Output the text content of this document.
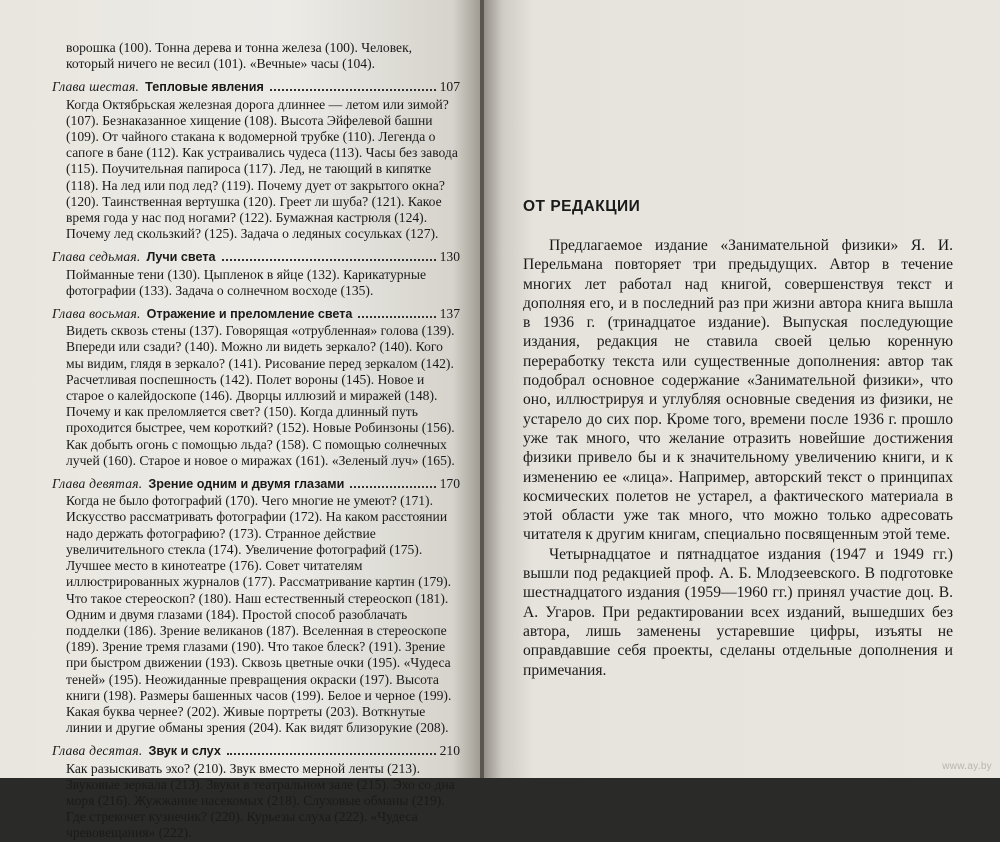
ворошка (100). Тонна дерева и тонна железа (100). Человек, который ничего не весил (101). «Вечные» часы (104).

Глава шестая. Тепловые явления	107

Когда Октябрьская железная дорога длиннее — летом или зимой? (107). Безнаказанное хищение (108). Высота Эйфелевой башни (109). От чайного стакана к водомерной трубке (110). Легенда о сапоге в бане (112). Как устраивались чудеса (113). Часы без завода (115). Поучительная папироса (117). Лед, не тающий в кипятке (118). На лед или под лед? (119). Почему дует от закрытого окна? (120). Таинственная вертушка (120). Греет ли шуба? (121). Какое время года у нас под ногами? (122). Бумажная кастрюля (124). Почему лед скользкий? (125). Задача о ледяных сосульках (127).

Глава седьмая. Лучи света	130

Пойманные тени (130). Цыпленок в яйце (132). Карикатурные фотографии (133). Задача о солнечном восходе (135).

Глава восьмая. Отражение и преломление света	137

Видеть сквозь стены (137). Говорящая «отрубленная» голова (139). Впереди или сзади? (140). Можно ли видеть зеркало? (140). Кого мы видим, глядя в зеркало? (141). Рисование перед зеркалом (142). Расчетливая поспешность (142). Полет вороны (145). Новое и старое о калейдоскопе (146). Дворцы иллюзий и миражей (148). Почему и как преломляется свет? (150). Когда длинный путь проходится быстрее, чем короткий? (152). Новые Робинзоны (156). Как добыть огонь с помощью льда? (158). С помощью солнечных лучей (160). Старое и новое о миражах (161). «Зеленый луч» (165).

Глава девятая. Зрение одним и двумя глазами	170

Когда не было фотографий (170). Чего многие не умеют? (171). Искусство рассматривать фотографии (172). На каком расстоянии надо держать фотографию? (173). Странное действие увеличительного стекла (174). Увеличение фотографий (175). Лучшее место в кинотеатре (176). Совет читателям иллюстрированных журналов (177). Рассматривание картин (179). Что такое стереоскоп? (180). Наш естественный стереоскоп (181). Одним и двумя глазами (184). Простой способ разоблачать подделки (186). Зрение великанов (187). Вселенная в стереоскопе (189). Зрение тремя глазами (190). Что такое блеск? (191). Зрение при быстром движении (193). Сквозь цветные очки (195). «Чудеса теней» (195). Неожиданные превращения окраски (197). Высота книги (198). Размеры башенных часов (199). Белое и черное (199). Какая буква чернее? (202). Живые портреты (203). Воткнутые линии и другие обманы зрения (204). Как видят близорукие (208).

Глава десятая. Звук и слух	210

Как разыскивать эхо? (210). Звук вместо мерной ленты (213). Звуковые зеркала (213). Звуки в театральном зале (215). Эхо со дна моря (216). Жужжание насекомых (218). Слуховые обманы (219). Где стрекочет кузнечик? (220). Курьезы слуха (222). «Чудеса чревовещания» (222).

ОТ РЕДАКЦИИ

Предлагаемое издание «Занимательной физики» Я. И. Перельмана повторяет три предыдущих. Автор в течение многих лет работал над книгой, совершенствуя текст и дополняя его, и в последний раз при жизни автора книга вышла в 1936 г. (тринадцатое издание). Выпуская последующие издания, редакция не ставила своей целью коренную переработку текста или существенные дополнения: автор так подобрал основное содержание «Занимательной физики», что оно, иллюстрируя и углубляя основные сведения из физики, не устарело до сих пор. Кроме того, времени после 1936 г. прошло уже так много, что желание отразить новейшие достижения физики привело бы и к значительному увеличению книги, и к изменению ее «лица». Например, авторский текст о принципах космических полетов не устарел, а фактического материала в этой области уже так много, что можно только адресовать читателя к другим книгам, специально посвященным этой теме.

Четырнадцатое и пятнадцатое издания (1947 и 1949 гг.) вышли под редакцией проф. А. Б. Млодзеевского. В подготовке шестнадцатого издания (1959—1960 гг.) принял участие доц. В. А. Угаров. При редактировании всех изданий, вышедших без автора, лишь заменены устаревшие цифры, изъяты не оправдавшие себя проекты, сделаны отдельные дополнения и примечания.

www.ay.by
